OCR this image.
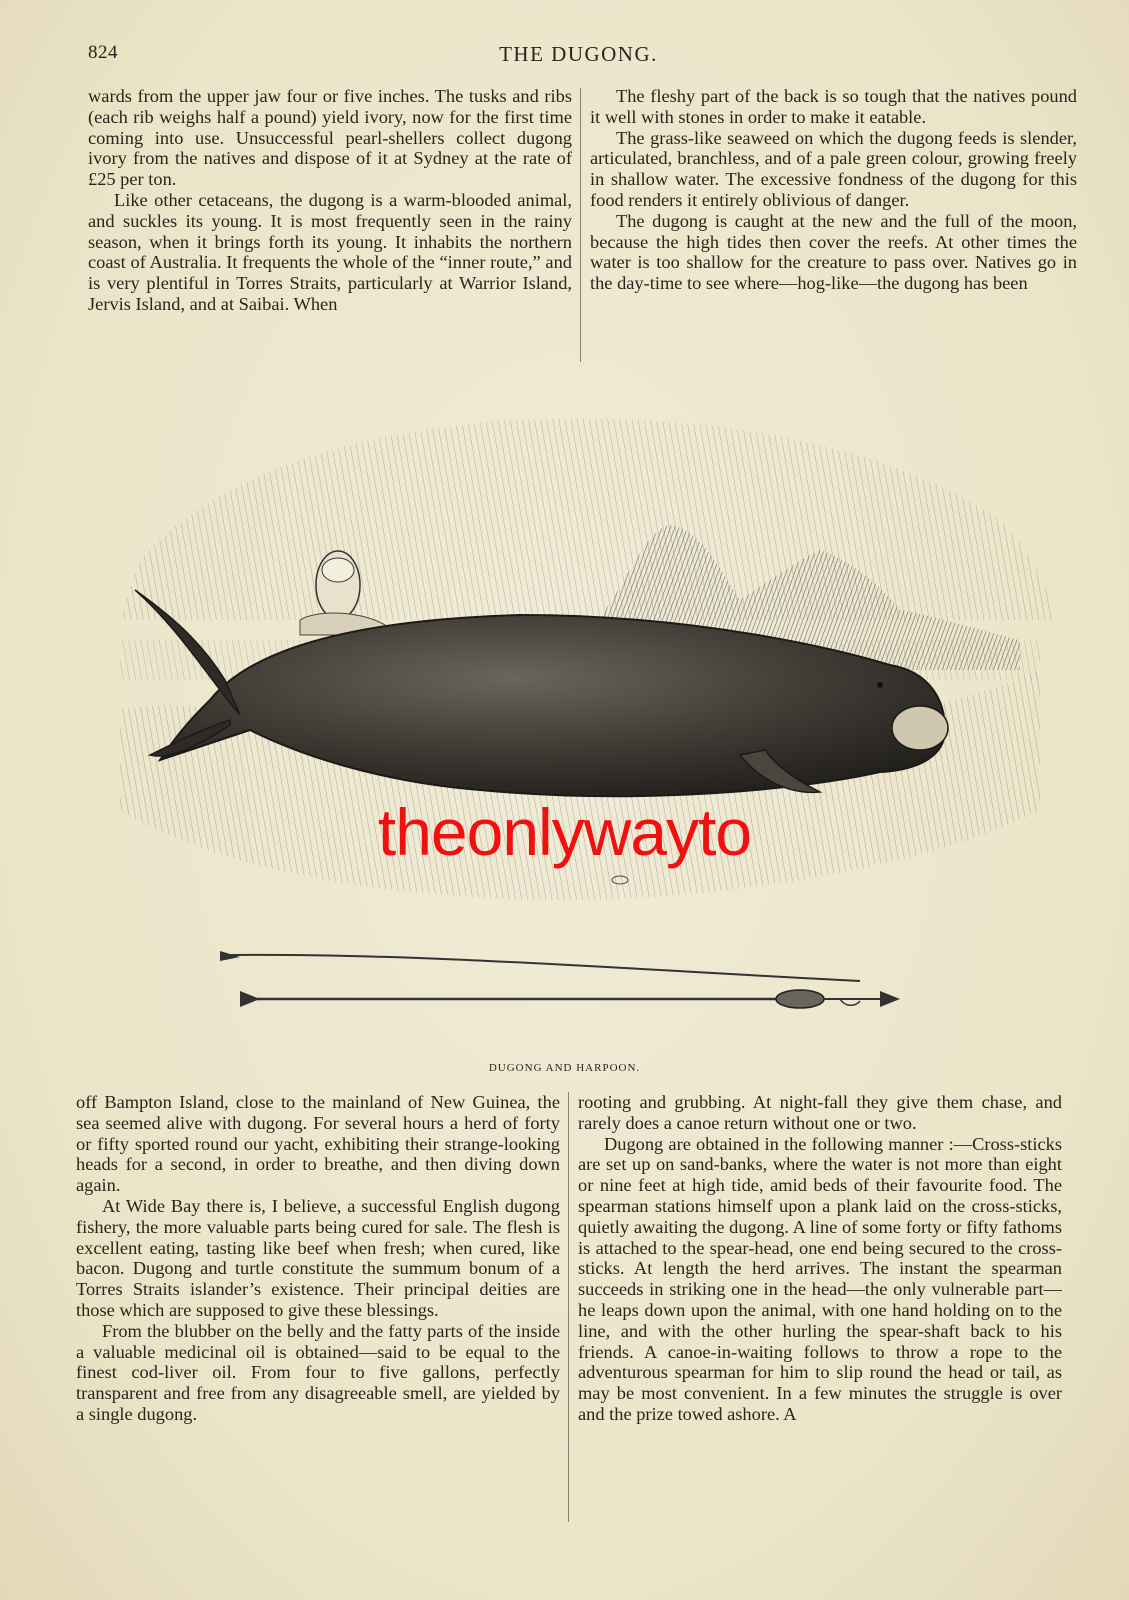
824	THE DUGONG.

wards from the upper jaw four or five inches. The tusks and ribs (each rib weighs half a pound) yield ivory, now for the first time coming into use. Unsuccessful pearl-shellers collect dugong ivory from the natives and dispose of it at Sydney at the rate of £25 per ton.

Like other cetaceans, the dugong is a warm-blooded animal, and suckles its young. It is most frequently seen in the rainy season, when it brings forth its young. It inhabits the northern coast of Australia. It frequents the whole of the “inner route,” and is very plentiful in Torres Straits, particularly at Warrior Island, Jervis Island, and at Saibai. When

The fleshy part of the back is so tough that the natives pound it well with stones in order to make it eatable.

The grass-like seaweed on which the dugong feeds is slender, articulated, branchless, and of a pale green colour, growing freely in shallow water. The excessive fondness of the dugong for this food renders it entirely oblivious of danger.

The dugong is caught at the new and the full of the moon, because the high tides then cover the reefs. At other times the water is too shallow for the creature to pass over. Natives go in the day-time to see where—hog-like—the dugong has been

theonlywayto
DUGONG AND HARPOON.

off Bampton Island, close to the mainland of New Guinea, the sea seemed alive with dugong. For several hours a herd of forty or fifty sported round our yacht, exhibiting their strange-looking heads for a second, in order to breathe, and then diving down again.

At Wide Bay there is, I believe, a successful English dugong fishery, the more valuable parts being cured for sale. The flesh is excellent eating, tasting like beef when fresh; when cured, like bacon. Dugong and turtle constitute the summum bonum of a Torres Straits islander’s existence. Their principal deities are those which are supposed to give these blessings.

From the blubber on the belly and the fatty parts of the inside a valuable medicinal oil is obtained—said to be equal to the finest cod-liver oil. From four to five gallons, perfectly transparent and free from any disagreeable smell, are yielded by a single dugong.

rooting and grubbing. At night-fall they give them chase, and rarely does a canoe return without one or two.

Dugong are obtained in the following manner :—Cross-sticks are set up on sand-banks, where the water is not more than eight or nine feet at high tide, amid beds of their favourite food. The spearman stations himself upon a plank laid on the cross-sticks, quietly awaiting the dugong. A line of some forty or fifty fathoms is attached to the spear-head, one end being secured to the cross-sticks. At length the herd arrives. The instant the spearman succeeds in striking one in the head—the only vulnerable part—he leaps down upon the animal, with one hand holding on to the line, and with the other hurling the spear-shaft back to his friends. A canoe-in-waiting follows to throw a rope to the adventurous spearman for him to slip round the head or tail, as may be most convenient. In a few minutes the struggle is over and the prize towed ashore. A
